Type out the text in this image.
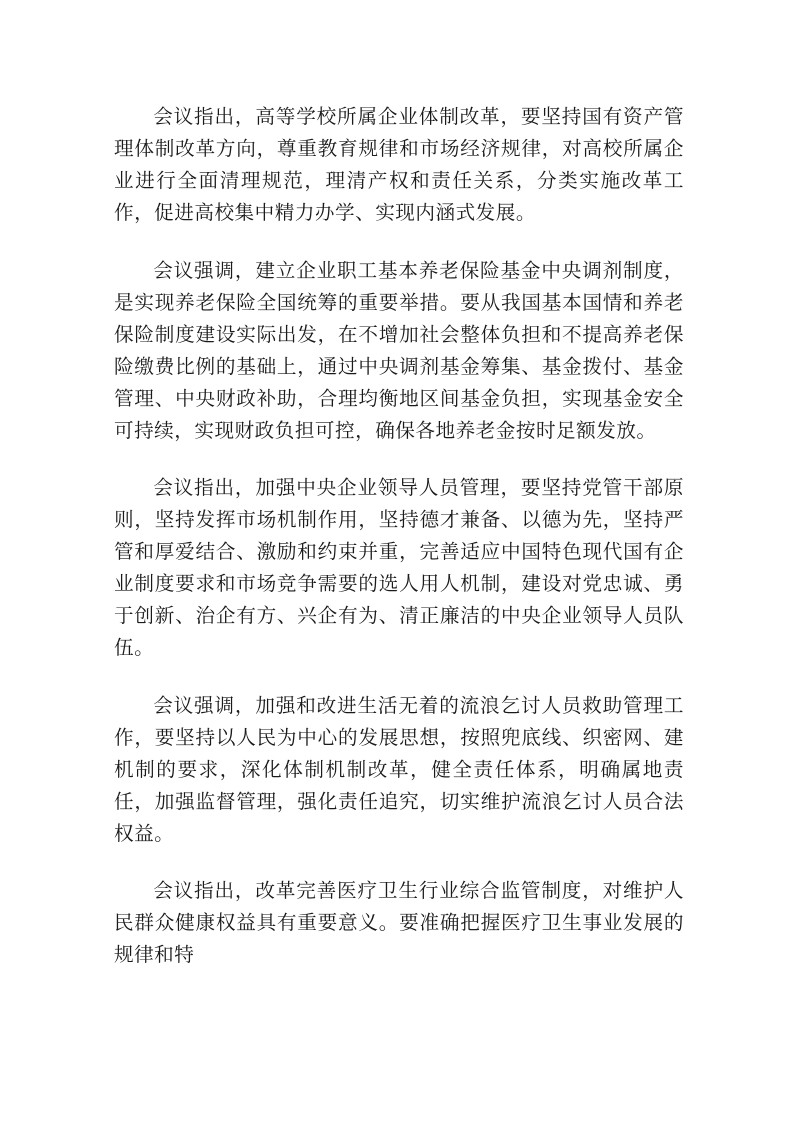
会议指出，高等学校所属企业体制改革，要坚持国有资产管理体制改革方向，尊重教育规律和市场经济规律，对高校所属企业进行全面清理规范，理清产权和责任关系，分类实施改革工作，促进高校集中精力办学、实现内涵式发展。

会议强调，建立企业职工基本养老保险基金中央调剂制度，是实现养老保险全国统筹的重要举措。要从我国基本国情和养老保险制度建设实际出发，在不增加社会整体负担和不提高养老保险缴费比例的基础上，通过中央调剂基金筹集、基金拨付、基金管理、中央财政补助，合理均衡地区间基金负担，实现基金安全可持续，实现财政负担可控，确保各地养老金按时足额发放。

会议指出，加强中央企业领导人员管理，要坚持党管干部原则，坚持发挥市场机制作用，坚持德才兼备、以德为先，坚持严管和厚爱结合、激励和约束并重，完善适应中国特色现代国有企业制度要求和市场竞争需要的选人用人机制，建设对党忠诚、勇于创新、治企有方、兴企有为、清正廉洁的中央企业领导人员队伍。

会议强调，加强和改进生活无着的流浪乞讨人员救助管理工作，要坚持以人民为中心的发展思想，按照兜底线、织密网、建机制的要求，深化体制机制改革，健全责任体系，明确属地责任，加强监督管理，强化责任追究，切实维护流浪乞讨人员合法权益。

会议指出，改革完善医疗卫生行业综合监管制度，对维护人民群众健康权益具有重要意义。要准确把握医疗卫生事业发展的规律和特
